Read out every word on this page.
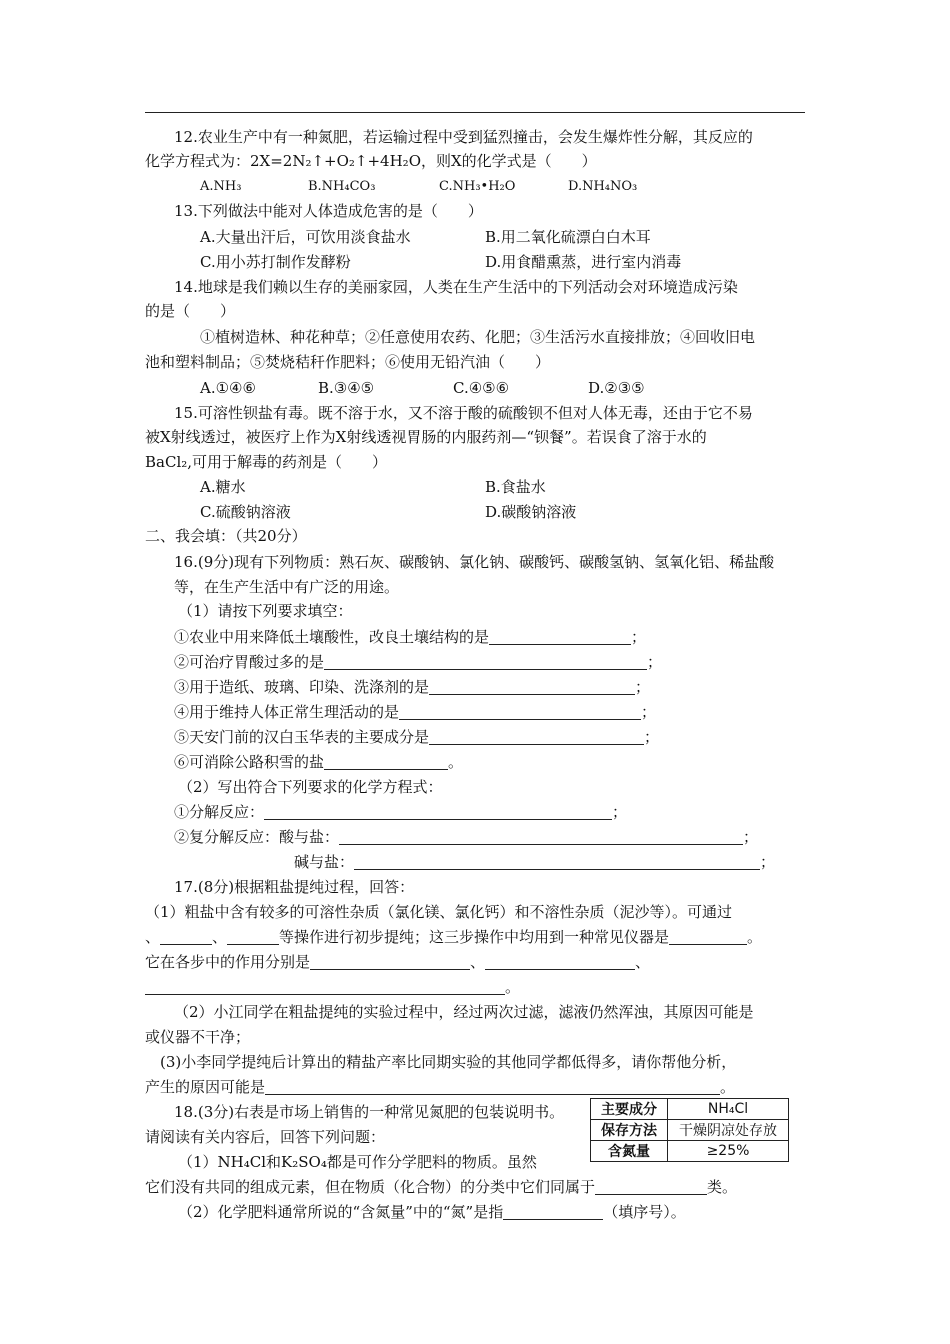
12.农业生产中有一种氮肥，若运输过程中受到猛烈撞击，会发生爆炸性分解，其反应的
化学方程式为：2X=2N₂↑+O₂↑+4H₂O，则X的化学式是（　　）
A.NH₃	B.NH₄CO₃	C.NH₃•H₂O	D.NH₄NO₃
13.下列做法中能对人体造成危害的是（　　）
A.大量出汗后，可饮用淡食盐水	B.用二氧化硫漂白白木耳
C.用小苏打制作发酵粉	D.用食醋熏蒸，进行室内消毒
14.地球是我们赖以生存的美丽家园，人类在生产生活中的下列活动会对环境造成污染
的是（　　）
①植树造林、种花种草；②任意使用农药、化肥；③生活污水直接排放；④回收旧电
池和塑料制品；⑤焚烧秸秆作肥料；⑥使用无铅汽油（　　）
A.①④⑥	B.③④⑤	C.④⑤⑥	D.②③⑤
15.可溶性钡盐有毒。既不溶于水，又不溶于酸的硫酸钡不但对人体无毒，还由于它不易
被X射线透过，被医疗上作为X射线透视胃肠的内服药剂—“钡餐”。若误食了溶于水的
BaCl₂,可用于解毒的药剂是（　　）
A.糖水	B.食盐水
C.硫酸钠溶液	D.碳酸钠溶液
二、我会填：（共20分）
16.(9分)现有下列物质：熟石灰、碳酸钠、氯化钠、碳酸钙、碳酸氢钠、氢氧化铝、稀盐酸
等，在生产生活中有广泛的用途。
（1）请按下列要求填空：
①农业中用来降低土壤酸性，改良土壤结构的是	；
②可治疗胃酸过多的是	；
③用于造纸、玻璃、印染、洗涤剂的是	；
④用于维持人体正常生理活动的是	；
⑤天安门前的汉白玉华表的主要成分是	；
⑥可消除公路积雪的盐	。
（2）写出符合下列要求的化学方程式：
①分解反应：	；
②复分解反应：酸与盐：	；
碱与盐：	；
17.(8分)根据粗盐提纯过程，回答：
（1）粗盐中含有较多的可溶性杂质（氯化镁、氯化钙）和不溶性杂质（泥沙等）。可通过
、	、	等操作进行初步提纯；这三步操作中均用到一种常见仪器是	。
它在各步中的作用分别是	、	、
。
（2）小江同学在粗盐提纯的实验过程中，经过两次过滤，滤液仍然浑浊，其原因可能是
或仪器不干净；
(3)小李同学提纯后计算出的精盐产率比同期实验的其他同学都低得多，请你帮他分析，
产生的原因可能是	。
18.(3分)右表是市场上销售的一种常见氮肥的包装说明书。
请阅读有关内容后，回答下列问题：
（1）NH₄Cl和K₂SO₄都是可作分学肥料的物质。虽然
它们没有共同的组成元素，但在物质（化合物）的分类中它们同属于	类。
（2）化学肥料通常所说的“含氮量”中的“氮”是指	（填序号）。
主要成分	NH₄Cl
保存方法	干燥阴凉处存放
含氮量	≥25%
